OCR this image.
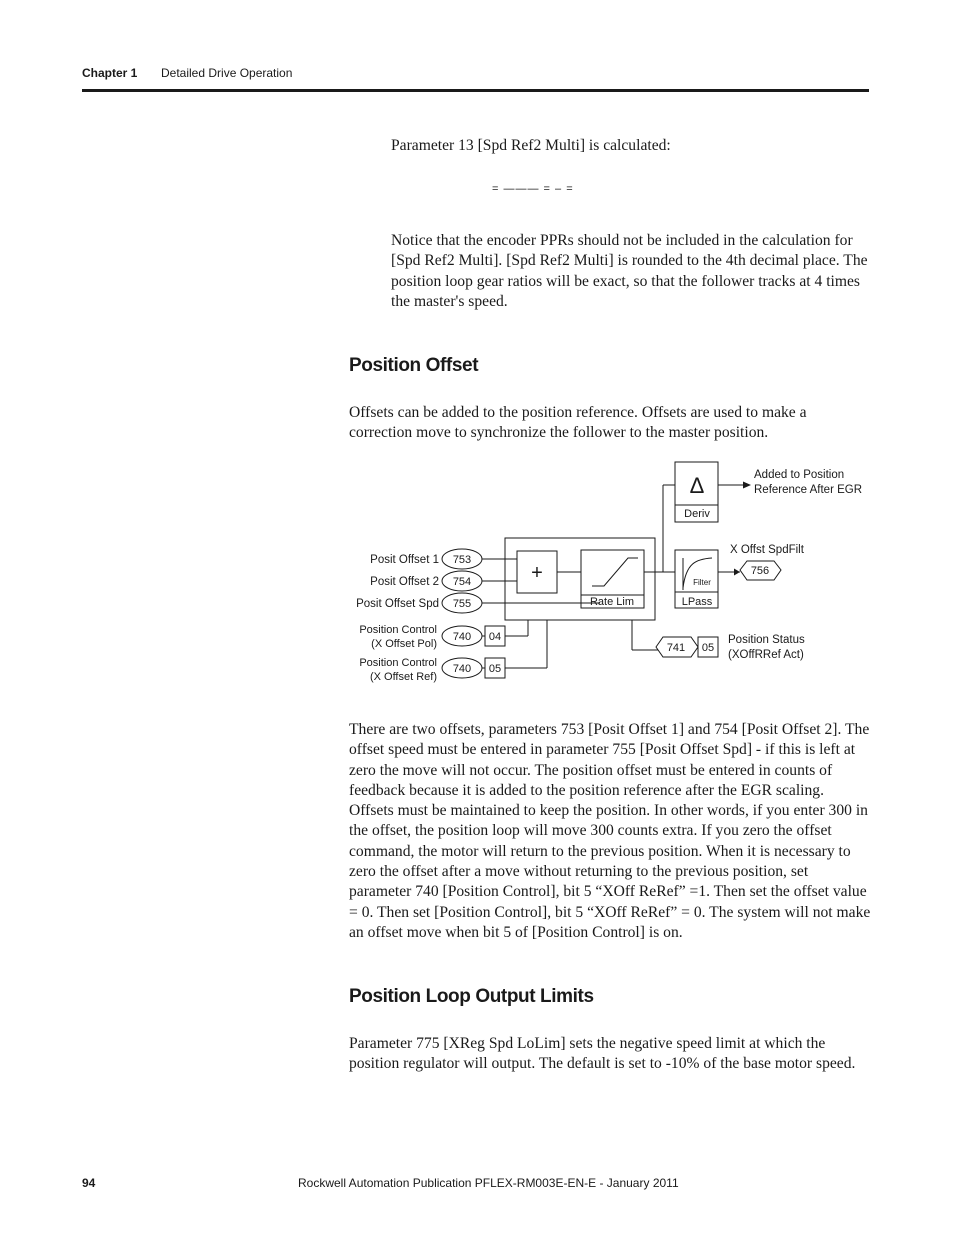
Chapter 1 Detailed Drive Operation

Parameter 13 [Spd Ref2 Multi] is calculated:

= ——— = – =

Notice that the encoder PPRs should not be included in the calculation for [Spd Ref2 Multi]. [Spd Ref2 Multi] is rounded to the 4th decimal place. The position loop gear ratios will be exact, so that the follower tracks at 4 times the master's speed.

Position Offset

Offsets can be added to the position reference. Offsets are used to make a correction move to synchronize the follower to the master position.

Posit Offset 1
Posit Offset 2
Posit Offset Spd
753
754
755
Position Control
(X Offset Pol)
Position Control
(X Offset Ref)
740
740
04
05
+
Rate Lim
Δ
Deriv
Filter
LPass
Added to Position
Reference After EGR
X Offst SpdFilt
756
741 05
Position Status
(XOffRRef Act)

There are two offsets, parameters 753 [Posit Offset 1] and 754 [Posit Offset 2]. The offset speed must be entered in parameter 755 [Posit Offset Spd] - if this is left at zero the move will not occur. The position offset must be entered in counts of feedback because it is added to the position reference after the EGR scaling. Offsets must be maintained to keep the position. In other words, if you enter 300 in the offset, the position loop will move 300 counts extra. If you zero the offset command, the motor will return to the previous position. When it is necessary to zero the offset after a move without returning to the previous position, set parameter 740 [Position Control], bit 5 “XOff ReRef” =1. Then set the offset value = 0. Then set [Position Control], bit 5 “XOff ReRef” = 0. The system will not make an offset move when bit 5 of [Position Control] is on.

Position Loop Output Limits

Parameter 775 [XReg Spd LoLim] sets the negative speed limit at which the position regulator will output. The default is set to -10% of the base motor speed.

94	Rockwell Automation Publication PFLEX-RM003E-EN-E - January 2011
